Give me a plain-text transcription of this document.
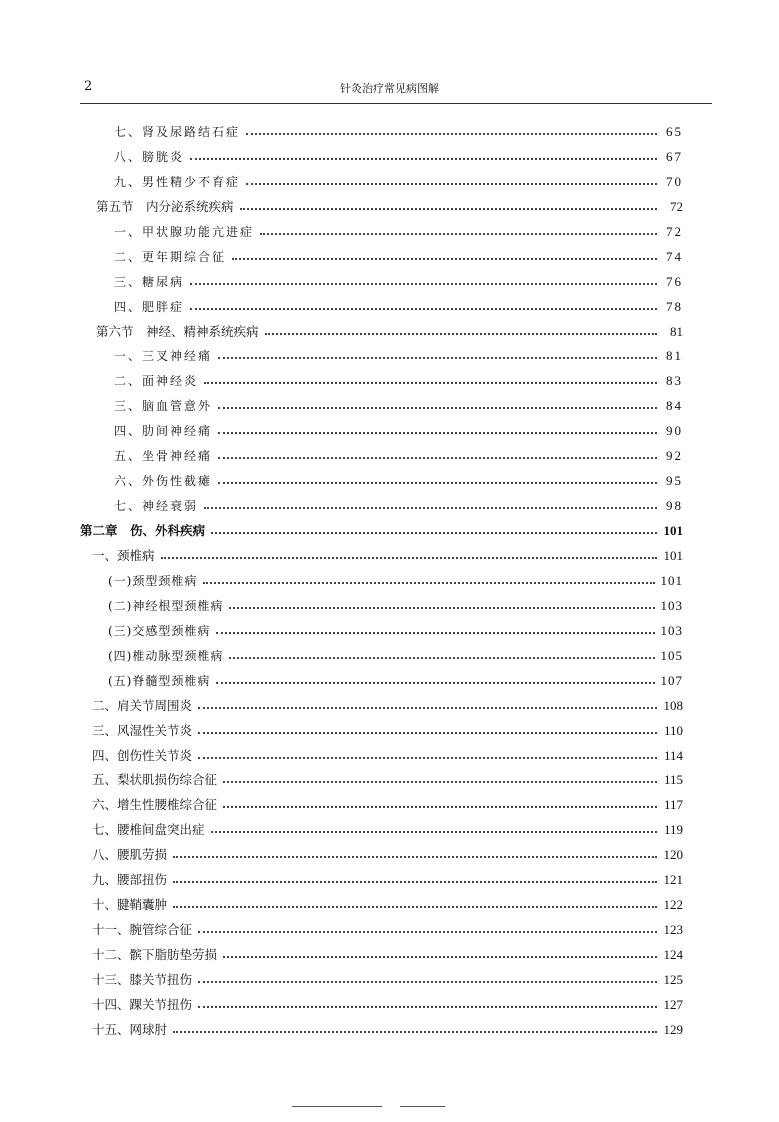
2	针灸治疗常见病图解
七、肾及尿路结石症	65
八、膀胱炎	67
九、男性精少不育症	70
第五节　内分泌系统疾病	72
一、甲状腺功能亢进症	72
二、更年期综合征	74
三、糖尿病	76
四、肥胖症	78
第六节　神经、精神系统疾病	81
一、三叉神经痛	81
二、面神经炎	83
三、脑血管意外	84
四、肋间神经痛	90
五、坐骨神经痛	92
六、外伤性截瘫	95
七、神经衰弱	98
第二章　伤、外科疾病	101
一、颈椎病	101
(一)颈型颈椎病	101
(二)神经根型颈椎病	103
(三)交感型颈椎病	103
(四)椎动脉型颈椎病	105
(五)脊髓型颈椎病	107
二、肩关节周围炎	108
三、风湿性关节炎	110
四、创伤性关节炎	114
五、梨状肌损伤综合征	115
六、增生性腰椎综合征	117
七、腰椎间盘突出症	119
八、腰肌劳损	120
九、腰部扭伤	121
十、腱鞘囊肿	122
十一、腕管综合征	123
十二、髌下脂肪垫劳损	124
十三、膝关节扭伤	125
十四、踝关节扭伤	127
十五、网球肘	129
